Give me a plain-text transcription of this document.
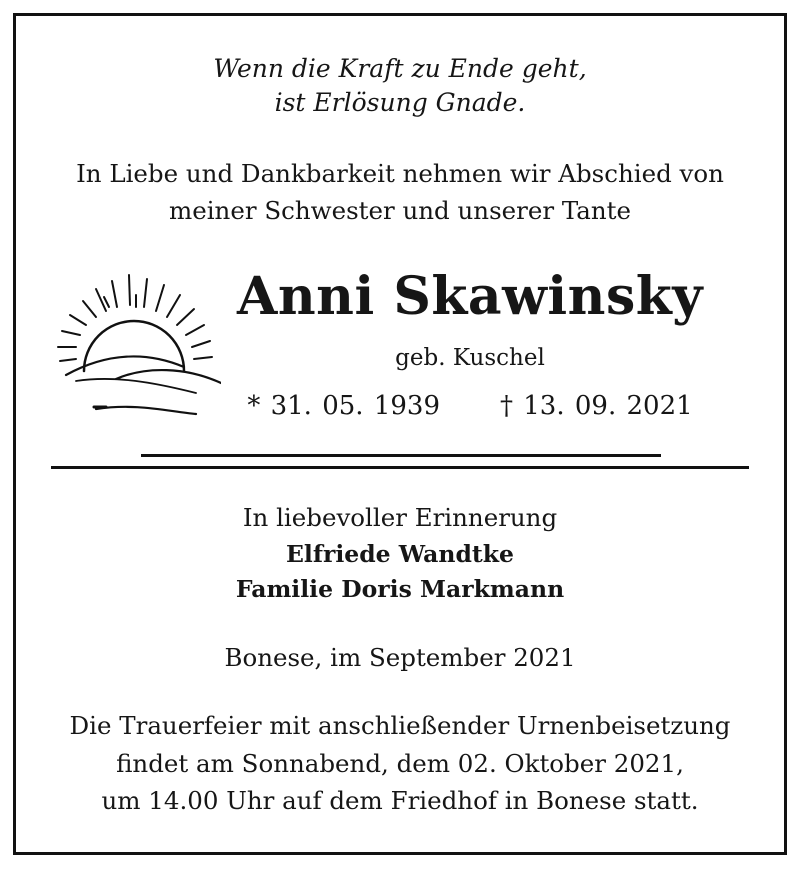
Wenn die Kraft zu Ende geht,
ist Erlösung Gnade.
In Liebe und Dankbarkeit nehmen wir Abschied von
meiner Schwester und unserer Tante
Anni Skawinsky
geb. Kuschel
* 31. 05. 1939 † 13. 09. 2021
In liebevoller Erinnerung
Elfriede Wandtke
Familie Doris Markmann
Bonese, im September 2021
Die Trauerfeier mit anschließender Urnenbeisetzung
findet am Sonnabend, dem 02. Oktober 2021,
um 14.00 Uhr auf dem Friedhof in Bonese statt.
